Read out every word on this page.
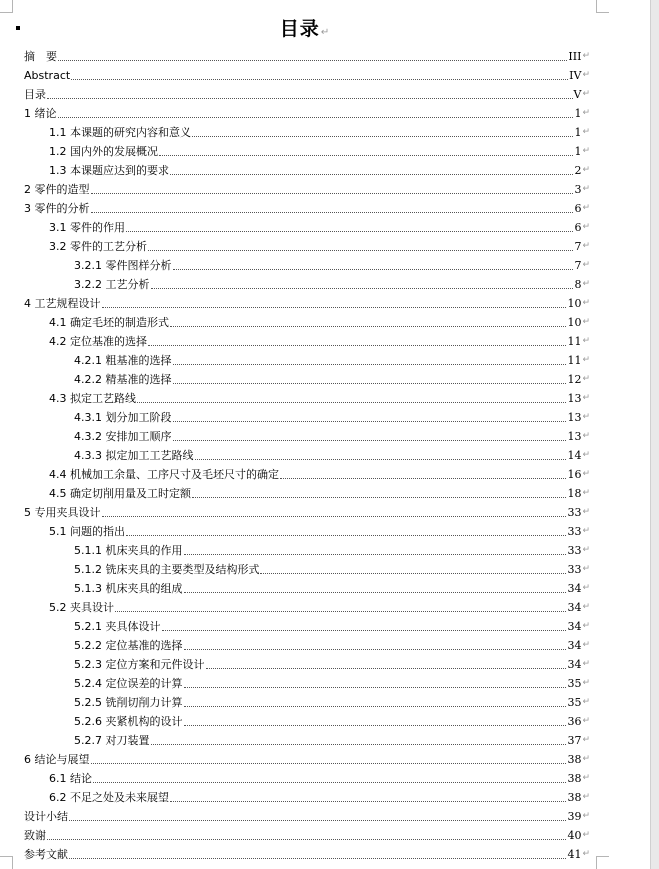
目录↵
摘　要	III ↵
Abstract	IV ↵
目录	V ↵
1 绪论	1 ↵
1.1 本课题的研究内容和意义	1 ↵
1.2 国内外的发展概况	1 ↵
1.3 本课题应达到的要求	2 ↵
2 零件的造型	3 ↵
3 零件的分析	6 ↵
3.1 零件的作用	6 ↵
3.2 零件的工艺分析	7 ↵
3.2.1 零件图样分析	7 ↵
3.2.2 工艺分析	8 ↵
4 工艺规程设计	10 ↵
4.1 确定毛坯的制造形式	10 ↵
4.2 定位基准的选择	11 ↵
4.2.1 粗基准的选择	11 ↵
4.2.2 精基准的选择	12 ↵
4.3 拟定工艺路线	13 ↵
4.3.1 划分加工阶段	13 ↵
4.3.2 安排加工顺序	13 ↵
4.3.3 拟定加工工艺路线	14 ↵
4.4 机械加工余量、工序尺寸及毛坯尺寸的确定	16 ↵
4.5 确定切削用量及工时定额	18 ↵
5 专用夹具设计	33 ↵
5.1 问题的指出	33 ↵
5.1.1 机床夹具的作用	33 ↵
5.1.2 铣床夹具的主要类型及结构形式	33 ↵
5.1.3 机床夹具的组成	34 ↵
5.2 夹具设计	34 ↵
5.2.1 夹具体设计	34 ↵
5.2.2 定位基准的选择	34 ↵
5.2.3 定位方案和元件设计	34 ↵
5.2.4 定位误差的计算	35 ↵
5.2.5 铣削切削力计算	35 ↵
5.2.6 夹紧机构的设计	36 ↵
5.2.7 对刀装置	37 ↵
6 结论与展望	38 ↵
6.1 结论	38 ↵
6.2 不足之处及未来展望	38 ↵
设计小结	39 ↵
致谢	40 ↵
参考文献	41 ↵
